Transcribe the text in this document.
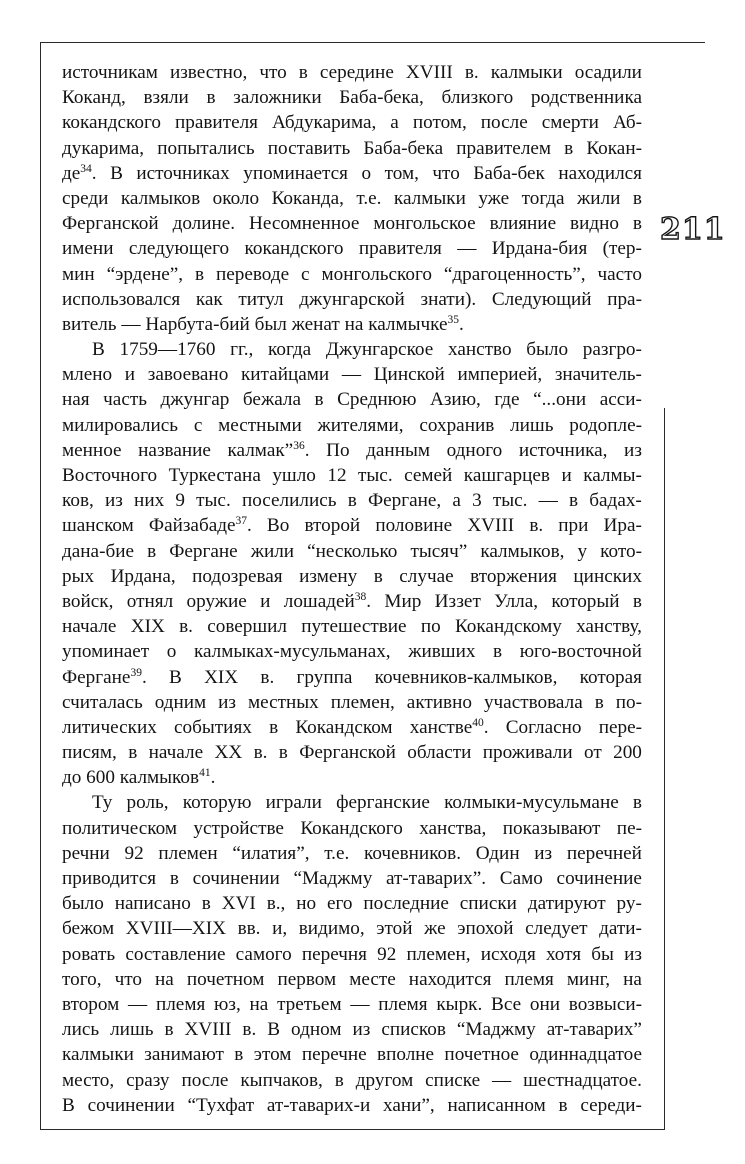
211
источникам известно, что в середине XVIII в. калмыки осадили
Коканд, взяли в заложники Баба-бека, близкого родственника
кокандского правителя Абдукарима, а потом, после смерти Аб-
дукарима, попытались поставить Баба-бека правителем в Кокан-
$де^{34}$. В источниках упоминается о том, что Баба-бек находился
среди калмыков около Коканда, т.е. калмыки уже тогда жили в
Ферганской долине. Несомненное монгольское влияние видно в
имени следующего кокандского правителя — Ирдана-бия (тер-
мин “эрдене”, в переводе с монгольского “драгоценность”, часто
использовался как титул джунгарской знати). Следующий пра-
витель — Нарбута-бий был женат на калмычке$^{35}$.
В 1759—1760 гг., когда Джунгарское ханство было разгро-
млено и завоевано китайцами — Цинской империей, значитель-
ная часть джунгар бежала в Среднюю Азию, где “...они асси-
милировались с местными жителями, сохранив лишь родопле-
менное название калмак”$^{36}$. По данным одного источника, из
Восточного Туркестана ушло 12 тыс. семей кашгарцев и калмы-
ков, из них 9 тыс. поселились в Фергане, а 3 тыс. — в бадах-
шанском Файзабаде$^{37}$. Во второй половине XVIII в. при Ира-
дана-бие в Фергане жили “несколько тысяч” калмыков, у кото-
рых Ирдана, подозревая измену в случае вторжения цинских
войск, отнял оружие и лошадей$^{38}$. Мир Иззет Улла, который в
начале XIX в. совершил путешествие по Кокандскому ханству,
упоминает о калмыках-мусульманах, живших в юго-восточной
Фергане$^{39}$. В XIX в. группа кочевников-калмыков, которая
считалась одним из местных племен, активно участвовала в по-
литических событиях в Кокандском ханстве$^{40}$. Согласно пере-
писям, в начале XX в. в Ферганской области проживали от 200
до 600 калмыков$^{41}$.
Ту роль, которую играли ферганские колмыки-мусульмане в
политическом устройстве Кокандского ханства, показывают пе-
речни 92 племен “илатия”, т.е. кочевников. Один из перечней
приводится в сочинении “Маджму ат-таварих”. Само сочинение
было написано в XVI в., но его последние списки датируют ру-
бежом XVIII—XIX вв. и, видимо, этой же эпохой следует дати-
ровать составление самого перечня 92 племен, исходя хотя бы из
того, что на почетном первом месте находится племя минг, на
втором — племя юз, на третьем — племя кырк. Все они возвыси-
лись лишь в XVIII в. В одном из списков “Маджму ат-таварих”
калмыки занимают в этом перечне вполне почетное одиннадцатое
место, сразу после кыпчаков, в другом списке — шестнадцатое.
В сочинении “Тухфат ат-таварих-и хани”, написанном в середи-
